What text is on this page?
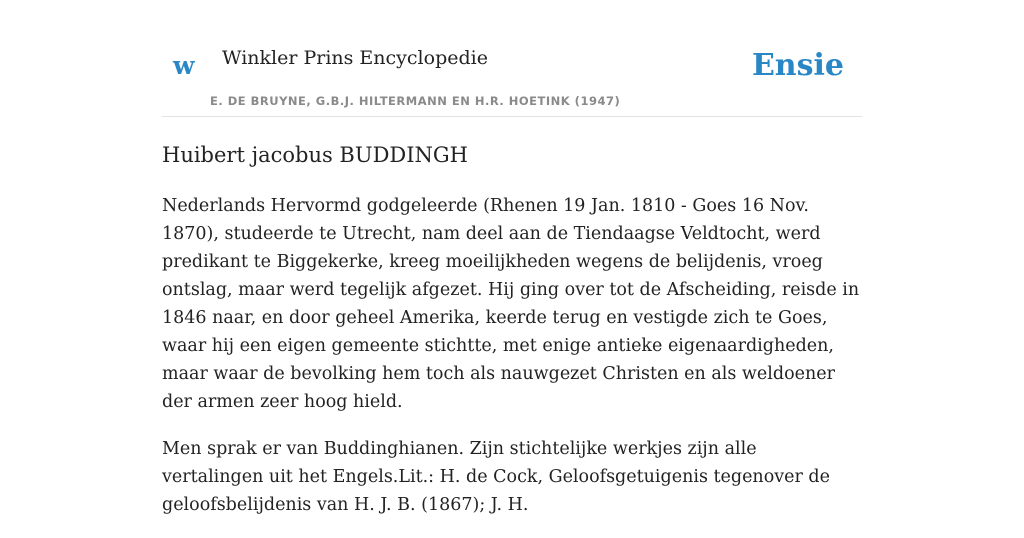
w Winkler Prins Encyclopedie
E. DE BRUYNE, G.B.J. HILTERMANN EN H.R. HOETINK (1947)
Ensie
Huibert jacobus BUDDINGH

Nederlands Hervormd godgeleerde (Rhenen 19 Jan. 1810 - Goes 16 Nov. 1870), studeerde te Utrecht, nam deel aan de Tiendaagse Veldtocht, werd predikant te Biggekerke, kreeg moeilijkheden wegens de belijdenis, vroeg ontslag, maar werd tegelijk afgezet. Hij ging over tot de Afscheiding, reisde in 1846 naar, en door geheel Amerika, keerde terug en vestigde zich te Goes, waar hij een eigen gemeente stichtte, met enige antieke eigenaardigheden, maar waar de bevolking hem toch als nauwgezet Christen en als weldoener der armen zeer hoog hield.

Men sprak er van Buddinghianen. Zijn stichtelijke werkjes zijn alle vertalingen uit het Engels.Lit.: H. de Cock, Geloofsgetuigenis tegenover de geloofsbelijdenis van H. J. B. (1867); J. H.
